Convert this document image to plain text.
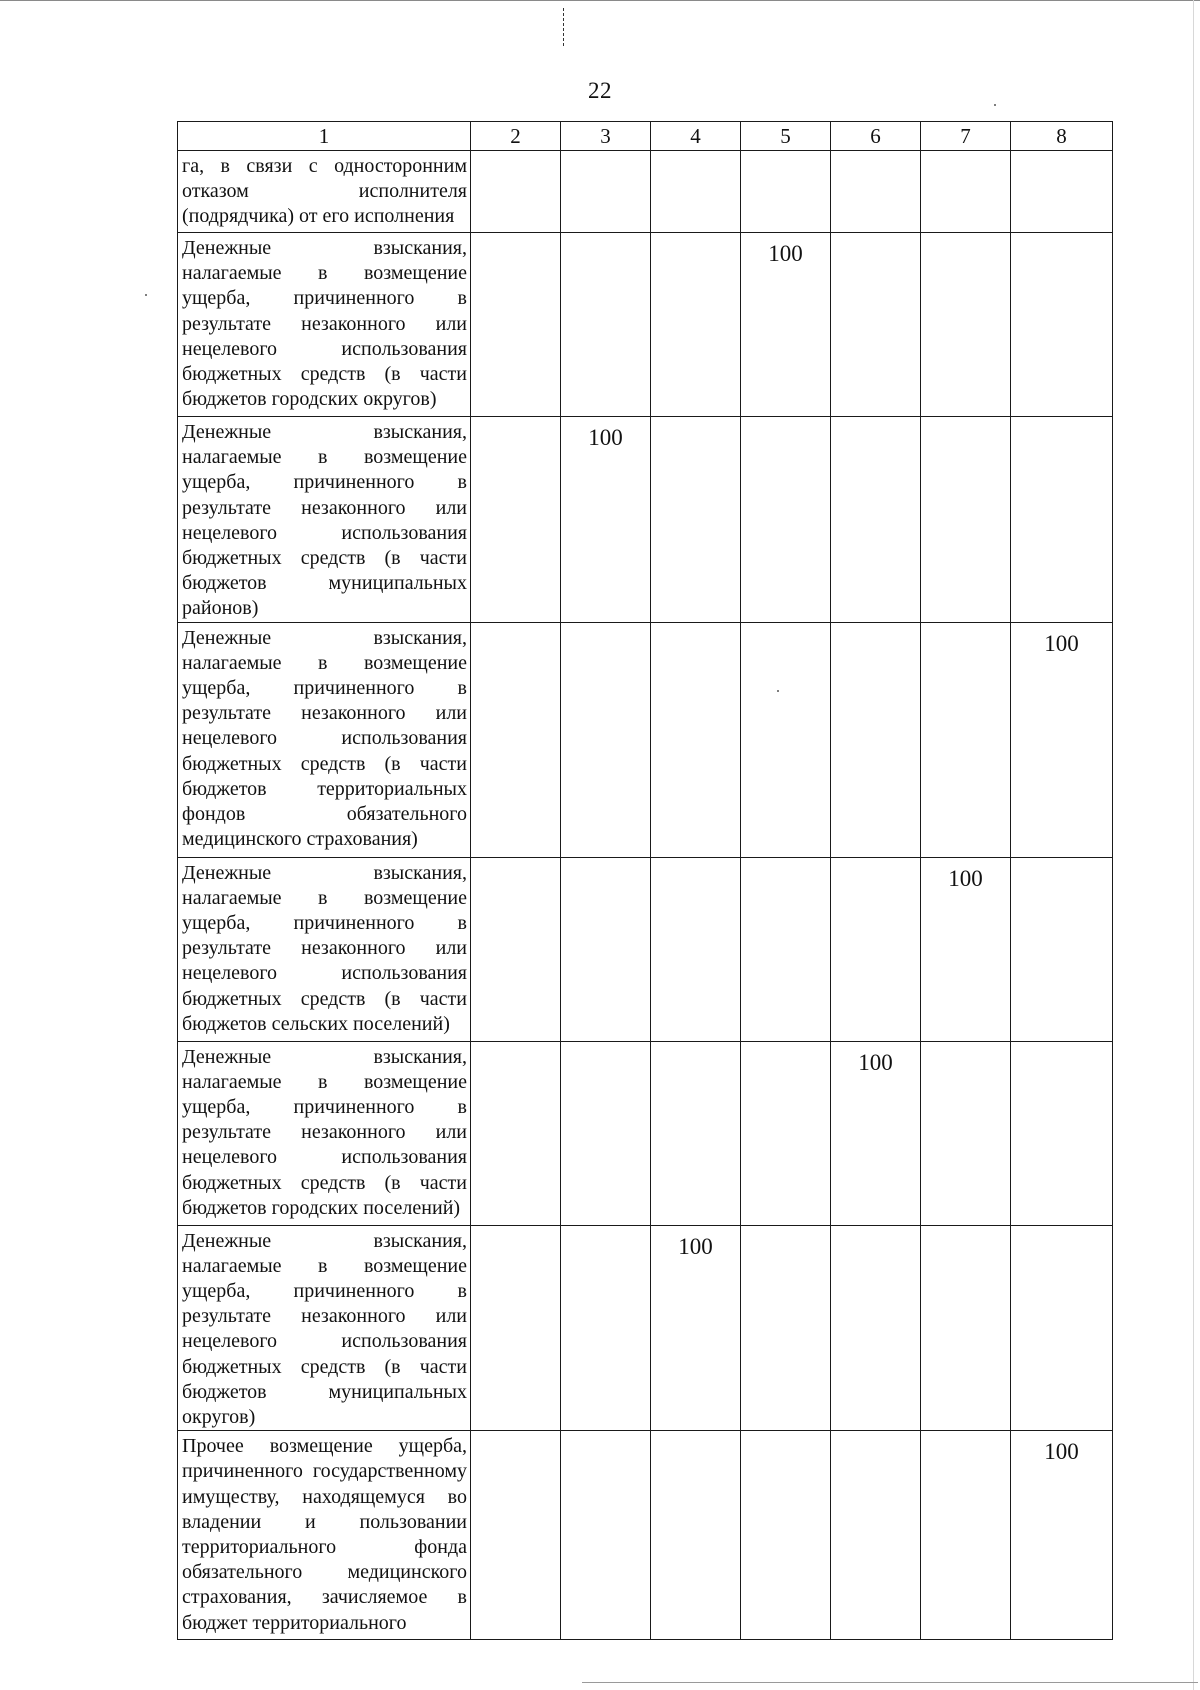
22
1	2	3	4	5	6	7	8
га, в связи с односторонним отказом исполнителя (подрядчика) от его исполнения							
Денежные взыскания, налагаемые в возмещение ущерба, причиненного в результате незаконного или нецелевого использования бюджетных средств (в части бюджетов городских округов)				100			
Денежные взыскания, налагаемые в возмещение ущерба, причиненного в результате незаконного или нецелевого использования бюджетных средств (в части бюджетов муниципальных районов)		100					
Денежные взыскания, налагаемые в возмещение ущерба, причиненного в результате незаконного или нецелевого использования бюджетных средств (в части бюджетов территориальных фондов обязательного медицинского страхования)							100
Денежные взыскания, налагаемые в возмещение ущерба, причиненного в результате незаконного или нецелевого использования бюджетных средств (в части бюджетов сельских поселений)						100	
Денежные взыскания, налагаемые в возмещение ущерба, причиненного в результате незаконного или нецелевого использования бюджетных средств (в части бюджетов городских поселений)					100		
Денежные взыскания, налагаемые в возмещение ущерба, причиненного в результате незаконного или нецелевого использования бюджетных средств (в части бюджетов муниципальных округов)			100				
Прочее возмещение ущерба, причиненного государственному имуществу, находящемуся во владении и пользовании территориального фонда обязательного медицинского страхования, зачисляемое в бюджет территориального							100
